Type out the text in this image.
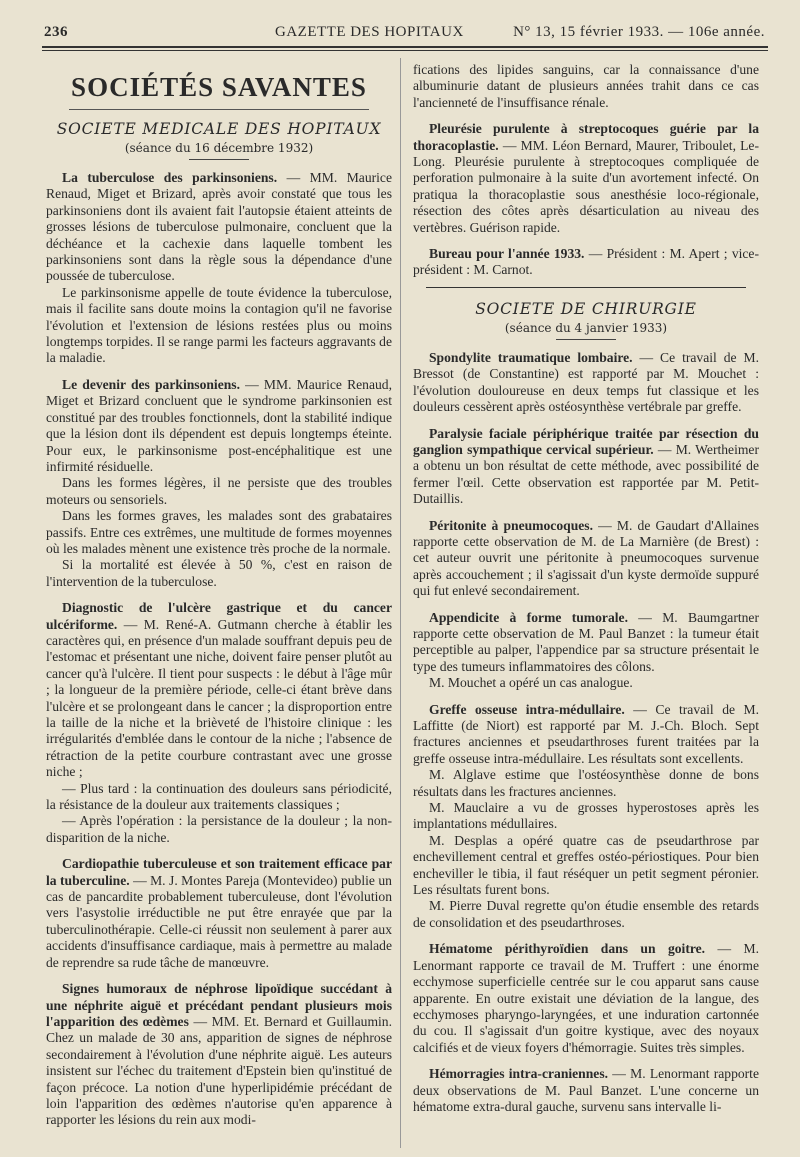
236	GAZETTE DES HOPITAUX	N° 13, 15 février 1933. — 106e année.
SOCIÉTÉS SAVANTES
SOCIETE MEDICALE DES HOPITAUX
(séance du 16 décembre 1932)

La tuberculose des parkinsoniens. — MM. Maurice Renaud, Miget et Brizard, après avoir constaté que tous les parkinsoniens dont ils avaient fait l'autopsie étaient atteints de grosses lésions de tuberculose pulmonaire, concluent que la déchéance et la cachexie dans laquelle tombent les parkinsoniens sont dans la règle sous la dépendance d'une poussée de tuberculose.

Le parkinsonisme appelle de toute évidence la tuberculose, mais il facilite sans doute moins la contagion qu'il ne favorise l'évolution et l'extension de lésions restées plus ou moins longtemps torpides. Il se range parmi les facteurs aggravants de la maladie.

Le devenir des parkinsoniens. — MM. Maurice Renaud, Miget et Brizard concluent que le syndrome parkinsonien est constitué par des troubles fonctionnels, dont la stabilité indique que la lésion dont ils dépendent est depuis longtemps éteinte. Pour eux, le parkinsonisme post-encéphalitique est une infirmité résiduelle.

Dans les formes légères, il ne persiste que des troubles moteurs ou sensoriels.

Dans les formes graves, les malades sont des grabataires passifs. Entre ces extrêmes, une multitude de formes moyennes où les malades mènent une existence très proche de la normale.

Si la mortalité est élevée à 50 %, c'est en raison de l'intervention de la tuberculose.

Diagnostic de l'ulcère gastrique et du cancer ulcériforme. — M. René-A. Gutmann cherche à établir les caractères qui, en présence d'un malade souffrant depuis peu de l'estomac et présentant une niche, doivent faire penser plutôt au cancer qu'à l'ulcère. Il tient pour suspects : le début à l'âge mûr ; la longueur de la première période, celle-ci étant brève dans l'ulcère et se prolongeant dans le cancer ; la disproportion entre la taille de la niche et la brièveté de l'histoire clinique : les irrégularités d'emblée dans le contour de la niche ; l'absence de rétraction de la petite courbure contrastant avec une grosse niche ;

— Plus tard : la continuation des douleurs sans périodicité, la résistance de la douleur aux traitements classiques ;

— Après l'opération : la persistance de la douleur ; la non-disparition de la niche.

Cardiopathie tuberculeuse et son traitement efficace par la tuberculine. — M. J. Montes Pareja (Montevideo) publie un cas de pancardite probablement tuberculeuse, dont l'évolution vers l'asystolie irréductible ne put être enrayée que par la tuberculinothérapie. Celle-ci réussit non seulement à parer aux accidents d'insuffisance cardiaque, mais à permettre au malade de reprendre sa rude tâche de manœuvre.

Signes humoraux de néphrose lipoïdique succédant à une néphrite aiguë et précédant pendant plusieurs mois l'apparition des œdèmes — MM. Et. Bernard et Guillaumin. Chez un malade de 30 ans, apparition de signes de néphrose secondairement à l'évolution d'une néphrite aiguë. Les auteurs insistent sur l'échec du traitement d'Epstein bien qu'institué de façon précoce. La notion d'une hyperlipidémie précédant de loin l'apparition des œdèmes n'autorise qu'en apparence à rapporter les lésions du rein aux modi-

fications des lipides sanguins, car la connaissance d'une albuminurie datant de plusieurs années trahit dans ce cas l'ancienneté de l'insuffisance rénale.

Pleurésie purulente à streptocoques guérie par la thoracoplastie. — MM. Léon Bernard, Maurer, Triboulet, Le-Long. Pleurésie purulente à streptocoques compliquée de perforation pulmonaire à la suite d'un avortement infecté. On pratiqua la thoracoplastie sous anesthésie loco-régionale, résection des côtes après désarticulation au niveau des vertèbres. Guérison rapide.

Bureau pour l'année 1933. — Président : M. Apert ; vice-président : M. Carnot.

SOCIETE DE CHIRURGIE
(séance du 4 janvier 1933)

Spondylite traumatique lombaire. — Ce travail de M. Bressot (de Constantine) est rapporté par M. Mouchet : l'évolution douloureuse en deux temps fut classique et les douleurs cessèrent après ostéosynthèse vertébrale par greffe.

Paralysie faciale périphérique traitée par résection du ganglion sympathique cervical supérieur. — M. Wertheimer a obtenu un bon résultat de cette méthode, avec possibilité de fermer l'œil. Cette observation est rapportée par M. Petit-Dutaillis.

Péritonite à pneumocoques. — M. de Gaudart d'Allaines rapporte cette observation de M. de La Marnière (de Brest) : cet auteur ouvrit une péritonite à pneumocoques survenue après accouchement ; il s'agissait d'un kyste dermoïde suppuré qui fut enlevé secondairement.

Appendicite à forme tumorale. — M. Baumgartner rapporte cette observation de M. Paul Banzet : la tumeur était perceptible au palper, l'appendice par sa structure présentait le type des tumeurs inflammatoires des côlons.

M. Mouchet a opéré un cas analogue.

Greffe osseuse intra-médullaire. — Ce travail de M. Laffitte (de Niort) est rapporté par M. J.-Ch. Bloch. Sept fractures anciennes et pseudarthroses furent traitées par la greffe osseuse intra-médullaire. Les résultats sont excellents.

M. Alglave estime que l'ostéosynthèse donne de bons résultats dans les fractures anciennes.

M. Mauclaire a vu de grosses hyperostoses après les implantations médullaires.

M. Desplas a opéré quatre cas de pseudarthrose par enchevillement central et greffes ostéo-périostiques. Pour bien encheviller le tibia, il faut réséquer un petit segment péronier. Les résultats furent bons.

M. Pierre Duval regrette qu'on étudie ensemble des retards de consolidation et des pseudarthroses.

Hématome périthyroïdien dans un goitre. — M. Lenormant rapporte ce travail de M. Truffert : une énorme ecchymose superficielle centrée sur le cou apparut sans cause apparente. En outre existait une déviation de la langue, des ecchymoses pharyngo-laryngées, et une induration cartonnée du cou. Il s'agissait d'un goitre kystique, avec des noyaux calcifiés et de vieux foyers d'hémorragie. Suites très simples.

Hémorragies intra-craniennes. — M. Lenormant rapporte deux observations de M. Paul Banzet. L'une concerne un hématome extra-dural gauche, survenu sans intervalle li-
